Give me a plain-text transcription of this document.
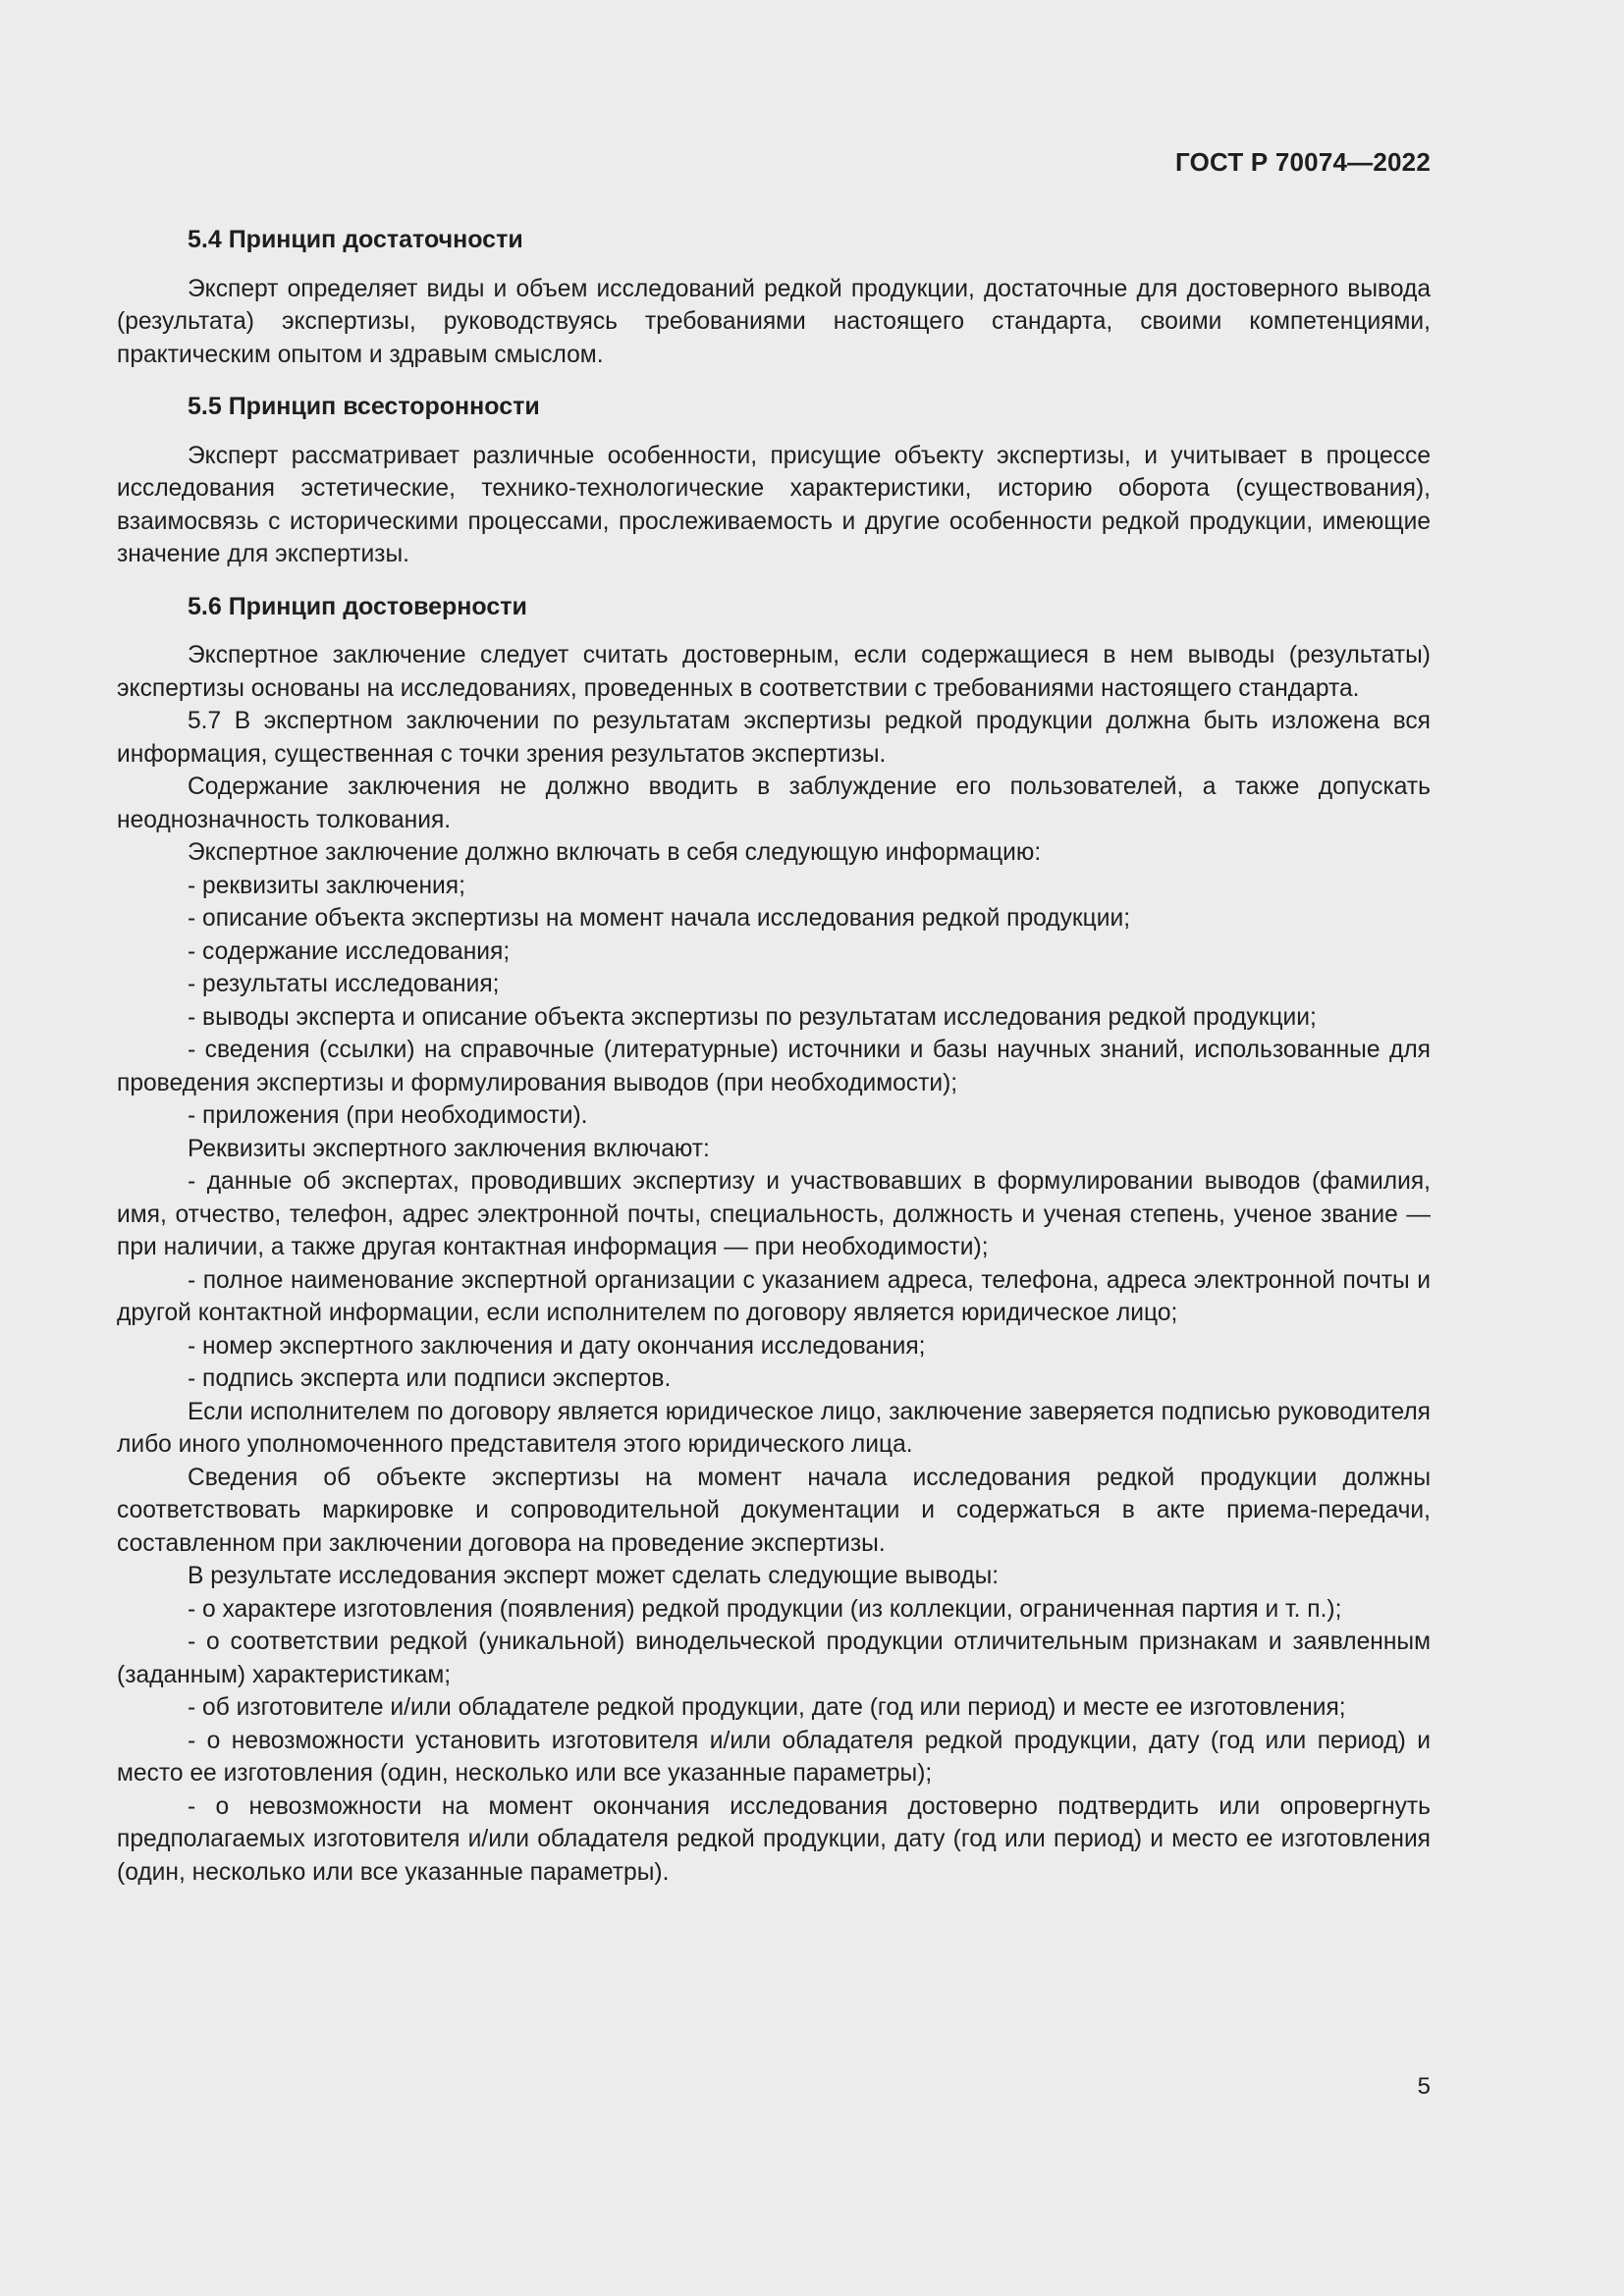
ГОСТ Р 70074—2022
5.4 Принцип достаточности

Эксперт определяет виды и объем исследований редкой продукции, достаточные для достоверного вывода (результата) экспертизы, руководствуясь требованиями настоящего стандарта, своими компетенциями, практическим опытом и здравым смыслом.

5.5 Принцип всесторонности

Эксперт рассматривает различные особенности, присущие объекту экспертизы, и учитывает в процессе исследования эстетические, технико-технологические характеристики, историю оборота (существования), взаимосвязь с историческими процессами, прослеживаемость и другие особенности редкой продукции, имеющие значение для экспертизы.

5.6 Принцип достоверности

Экспертное заключение следует считать достоверным, если содержащиеся в нем выводы (результаты) экспертизы основаны на исследованиях, проведенных в соответствии с требованиями настоящего стандарта.

5.7 В экспертном заключении по результатам экспертизы редкой продукции должна быть изложена вся информация, существенная с точки зрения результатов экспертизы.

Содержание заключения не должно вводить в заблуждение его пользователей, а также допускать неоднозначность толкования.

Экспертное заключение должно включать в себя следующую информацию:

- реквизиты заключения;

- описание объекта экспертизы на момент начала исследования редкой продукции;

- содержание исследования;

- результаты исследования;

- выводы эксперта и описание объекта экспертизы по результатам исследования редкой продукции;

- сведения (ссылки) на справочные (литературные) источники и базы научных знаний, использованные для проведения экспертизы и формулирования выводов (при необходимости);

- приложения (при необходимости).

Реквизиты экспертного заключения включают:

- данные об экспертах, проводивших экспертизу и участвовавших в формулировании выводов (фамилия, имя, отчество, телефон, адрес электронной почты, специальность, должность и ученая степень, ученое звание — при наличии, а также другая контактная информация — при необходимости);

- полное наименование экспертной организации с указанием адреса, телефона, адреса электронной почты и другой контактной информации, если исполнителем по договору является юридическое лицо;

- номер экспертного заключения и дату окончания исследования;

- подпись эксперта или подписи экспертов.

Если исполнителем по договору является юридическое лицо, заключение заверяется подписью руководителя либо иного уполномоченного представителя этого юридического лица.

Сведения об объекте экспертизы на момент начала исследования редкой продукции должны соответствовать маркировке и сопроводительной документации и содержаться в акте приема-передачи, составленном при заключении договора на проведение экспертизы.

В результате исследования эксперт может сделать следующие выводы:

- о характере изготовления (появления) редкой продукции (из коллекции, ограниченная партия и т. п.);

- о соответствии редкой (уникальной) винодельческой продукции отличительным признакам и заявленным (заданным) характеристикам;

- об изготовителе и/или обладателе редкой продукции, дате (год или период) и месте ее изготовления;

- о невозможности установить изготовителя и/или обладателя редкой продукции, дату (год или период) и место ее изготовления (один, несколько или все указанные параметры);

- о невозможности на момент окончания исследования достоверно подтвердить или опровергнуть предполагаемых изготовителя и/или обладателя редкой продукции, дату (год или период) и место ее изготовления (один, несколько или все указанные параметры).

5
